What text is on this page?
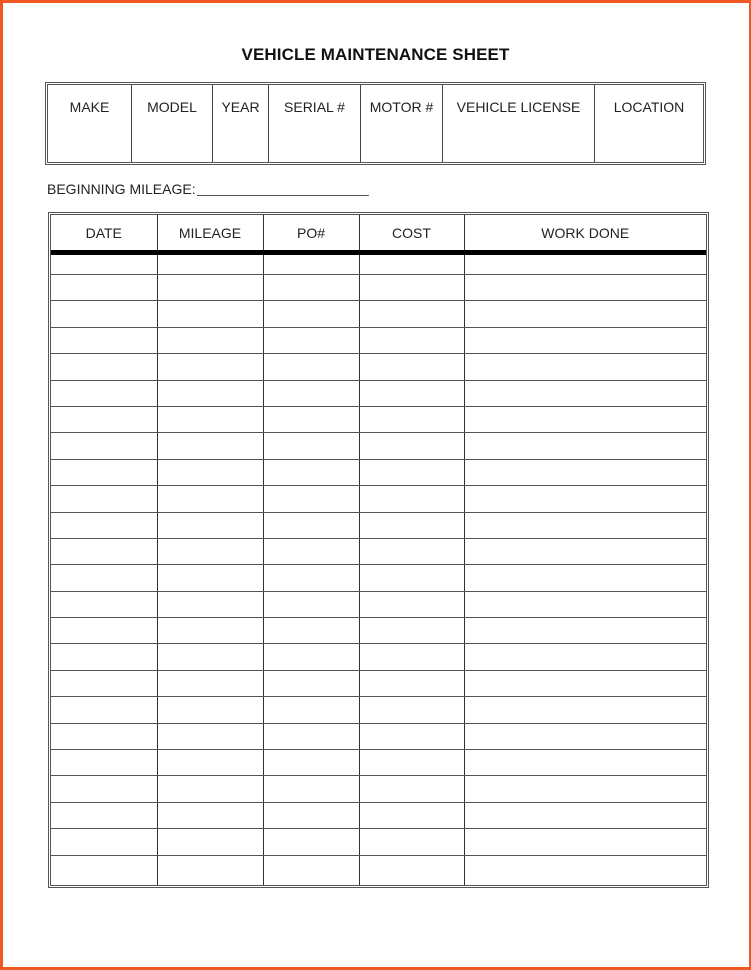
VEHICLE MAINTENANCE SHEET
MAKE	MODEL	YEAR	SERIAL #	MOTOR #	VEHICLE LICENSE	LOCATION
BEGINNING MILEAGE:
DATE	MILEAGE	PO#	COST	WORK DONE
